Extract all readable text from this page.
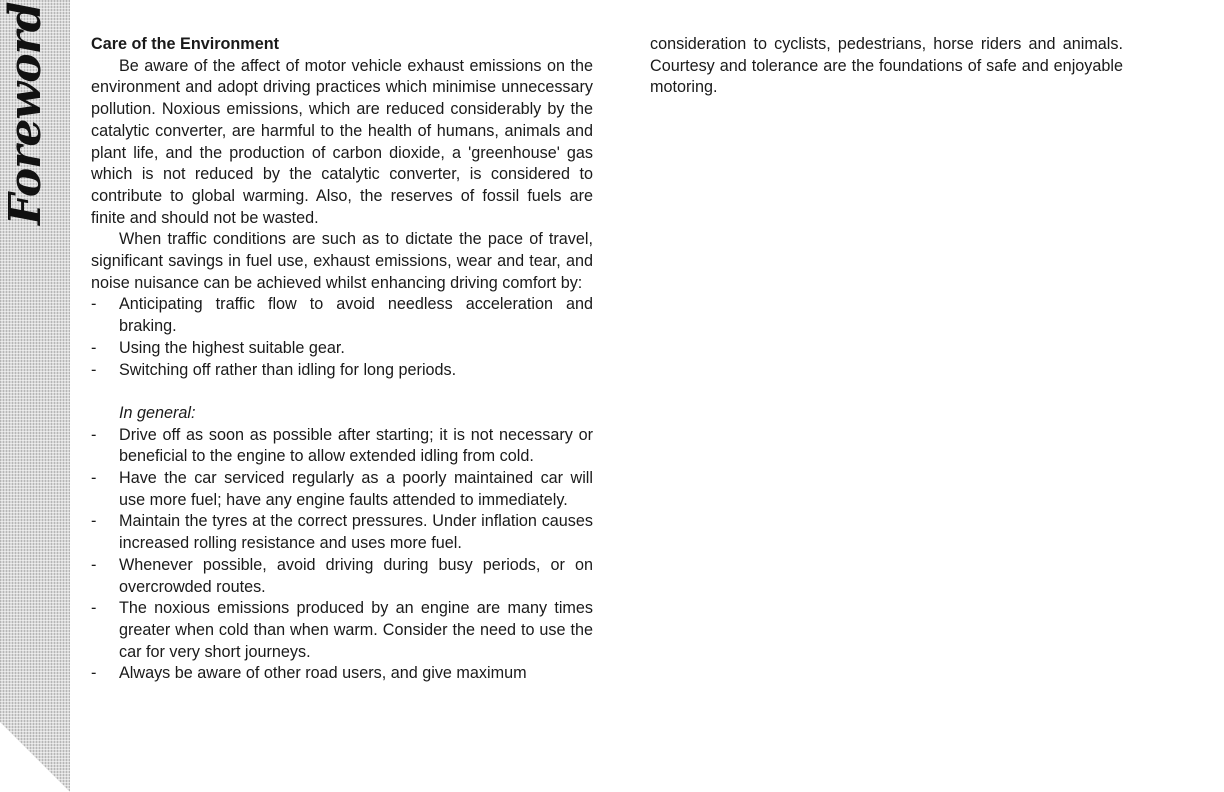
Foreword Care of the Environment

Be aware of the affect of motor vehicle exhaust emissions on the environment and adopt driving practices which minimise unnecessary pollution. Noxious emissions, which are reduced considerably by the catalytic converter, are harmful to the health of humans, animals and plant life, and the production of carbon dioxide, a 'greenhouse' gas which is not reduced by the catalytic converter, is considered to contribute to global warming. Also, the reserves of fossil fuels are finite and should not be wasted.

When traffic conditions are such as to dictate the pace of travel, significant savings in fuel use, exhaust emissions, wear and tear, and noise nuisance can be achieved whilst enhancing driving comfort by:

- Anticipating traffic flow to avoid needless acceleration and braking.
- Using the highest suitable gear.
- Switching off rather than idling for long periods.

In general:

- Drive off as soon as possible after starting; it is not necessary or beneficial to the engine to allow extended idling from cold.
- Have the car serviced regularly as a poorly maintained car will use more fuel; have any engine faults attended to immediately.
- Maintain the tyres at the correct pressures. Under inflation causes increased rolling resistance and uses more fuel.
- Whenever possible, avoid driving during busy periods, or on overcrowded routes.
- The noxious emissions produced by an engine are many times greater when cold than when warm. Consider the need to use the car for very short journeys.
- Always be aware of other road users, and give maximum

consideration to cyclists, pedestrians, horse riders and animals. Courtesy and tolerance are the foundations of safe and enjoyable motoring.
